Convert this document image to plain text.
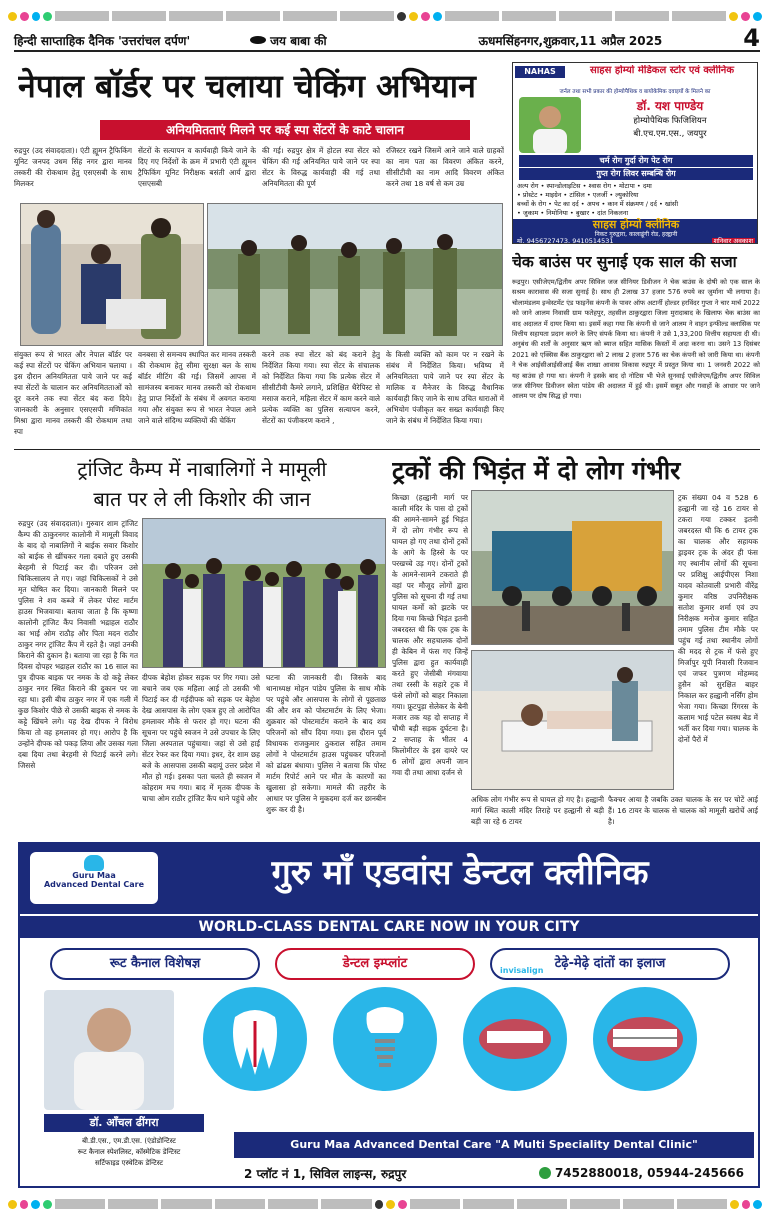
हिन्दी साप्ताहिक दैनिक 'उत्तरांचल दर्पण'	जय बाबा की	ऊधमसिंहनगर,शुक्रवार,11 अप्रैल 2025	4
नेपाल बॉर्डर पर चलाया चेकिंग अभियान
अनियमितताएं मिलने पर कई स्पा सेंटरों के काटे चालान
रुद्रपुर (उद संवाददाता)। एंटी ह्यूमन ट्रैफिकिंग यूनिट जनपद उधम सिंह नगर द्वारा मानव तस्करी की रोकथाम हेतु एसएसबी के साथ मिलकर
सेंटरों के सत्यापन व कार्यवाही किये जाने के दिए गए निर्देशों के क्रम में प्रभारी एंटी ह्यूमन ट्रैफिकिंग यूनिट निरीक्षक बसंती आर्य द्वारा एसएसबी
की गई। रुद्रपुर क्षेत्र में होटल स्पा सेंटर को चेकिंग की गई अनियमित पाये जाने पर स्पा सेंटर के विरुद्ध कार्यवाही की गई तथा अनियमितता की पूर्ण
रजिस्टर रखने जिसमें आने जाने वाले ग्राहकों का नाम पता का विवरण अंकित करने, सीसीटीवी का नाम आदि विवरण अंकित करने तथा 18 वर्ष से कम उम्र
संयुक्त रूप से भारत और नेपाल बॉर्डर पर कई स्पा सेंटरों पर चेकिंग अभियान चलाया । इस दौरान अनियमितता पाये जाने पर कई स्पा सेंटरों के चालान कर अनियमितताओं को दूर करने तक स्पा सेंटर बंद करा दिये। जानकारी के अनुसार एसएसपी मणिकांत मिश्रा द्वारा मानव तस्करी की रोकथाम तथा स्पा
वनबसा से समन्वय स्थापित कर मानव तस्करी की रोकथाम हेतु सीमा सुरक्षा बल के साथ बॉर्डर मीटिंग की गई। जिसमें आपस में सामंजस्य बनाकर मानव तस्करी को रोकथाम हेतु प्राप्त निर्देशों के संबंध में अवगत कराया गया और संयुक्त रूप से भारत नेपाल आने जाने वाले संदिग्ध व्यक्तियों की चेकिंग
करने तक स्पा सेंटर को बंद कराने हेतु निर्देशित किया गया। स्पा सेंटर के संचालक को निर्देशित किया गया कि प्रत्येक सेंटर में सीसीटीवी कैमरे लगाने, प्रशिक्षित थैरेपिस्ट से मसाज कराने, महिला सेंटर में काम करने वाले प्रत्येक व्यक्ति का पुलिस सत्यापन करने, सेंटरों का पंजीकरण कराने ,
के किसी व्यक्ति को काम पर न रखने के संबंध में निर्देशित किया। भविष्य में अनियमितता पाये जाने पर स्पा सेंटर के मालिक व मैनेजर के विरुद्ध वैधानिक कार्यवाही किए जाने के साथ उचित धाराओं में अभियोग पंजीकृत कर सख्त कार्यवाही किए जाने के संबंध में निर्देशित किया गया।
NAHAS	साहस होम्यो मेडिकल स्टोर एवं क्लीनिक
जर्नल तथा सभी प्रकार की होम्योपैथिक व बायोकेमिक दवाइयों के मिलने का
डॉ. यश पाण्डेय
होम्योपैथिक फिजिशियन
बी.एच.एम.एस., जयपुर
चर्म रोग गुर्दा रोग पेट रोग
गुप्त रोग लिवर सम्बन्धि रोग
अल्प रोग • स्पान्डोलाइटिस • श्वास रोग • मोटापा • दमा
• प्रोस्टेट • माइग्रेन • टांसिल • एलर्जी • ल्युकोरिया
बच्चों के रोग • पेट का दर्द • अपच • कान में संक्रमण / दर्द • खांसी
• जुकाम • निमोनिया • बुखार • दांत निकलना
साहस होम्यो क्लीनिक
निकट गुरुद्वारा, कालाढूंगी रोड, हल्द्वानी
मो. 9456727473, 9410514531	शनिवार अवकाश
चेक बाउंस पर सुनाई एक साल की सजा
रूद्रपुर। एसीजेएम/द्वितीय अपर सिविल जज सीनियर डिवीजन ने चेक बाउंस के दोषी को एक साल के सश्रम कारावास की सजा सुनाई है। साथ ही 2लाख 37 हजार 576 रुपये का जुर्माना भी लगाया है। चोलामंडलम इन्वेस्टमेंट एंड फाइनेंस कंपनी के पावर ऑफ अटार्नी होल्डर हरविंदर गुप्ता ने चार मार्च 2022 को जाने आलम निवासी ग्राम फतेहपुर, तहसील ठाकुरद्वारा जिला मुरादाबाद के खिलाफ चेक बाउंस का वाद अदालत में दायर किया था। इसमें कहा गया कि कंपनी से जाने आलम ने वाहन इन्फील्ड क्लासिक पर वित्तीय सहायता प्रदान करने के लिए संपर्क किया था। कंपनी ने उसे 1,33,200 वित्तीय सहायता दी थी। अनुबंध की शर्तों के अनुसार ऋण को ब्याज सहित मासिक किस्तों में अदा करना था। उसने 13 दिसंबर 2021 को एक्सिस बैंक ठाकुरद्वारा को 2 लाख 2 हजार 576 का चेक कंपनी को जारी किया था। कंपनी ने चेक आईसीआईसीआई बैंक शाखा आवास विकास रुद्रपुर में प्रस्तुत किया था। 1 जनवरी 2022 को यह बाउंस हो गया था। कंपनी ने इसके बाद दो नोटिस भी भेजे सुनवाई एसीजेएम/द्वितीय अपर सिविल जज सीनियर डिवीजन स्वेता पांडेय की अदालत में हुई थी। इसमें सबूत और गवाहों के आधार पर जाने आलम पर दोष सिद्ध हो गया।
ट्रांजिट कैम्प में नाबालिगों ने मामूली
बात पर ले ली किशोर की जान
रुद्रपुर (उद संवाददाता)। गुरुवार शाम ट्रांजिट कैम्प की ठाकुरनगर कालोनी में मामूली विवाद के बाद दो नाबालिगों ने बाईक सवार किशोर को बाईक से खींचकर गला दबाते हुए उसकी बेरहमी से पिटाई कर दी। परिजन उसे चिकित्सालय ले गए। जहां चिकित्सकों ने उसे मृत घोषित कर दिया। जानकारी मिलने पर पुलिस ने शव कब्जे में लेकर पोस्ट मार्टम हाउस भिजवाया। बताया जाता है कि कृष्णा कालोनी ट्रांजिट कैंप निवासी भद्राहल राठौर का भाई ओम राठौड़ और पिता मदन राठौर ठाकुर नगर ट्रांजिट कैंप में रहते है। जहां उनकी किराने की दुकान है। बताया जा रहा है कि गत दिवस दोपहर भद्राहल राठौर का 16 साल का पुत्र दीपक बाइक पर नमक के दो कट्टे लेकर ठाकुर नगर स्थित किराने की दुकान पर जा रहा था। इसी बीच ठाकुर नगर में एक गली में कुछ किशोर पीछे से उसकी बाइक से नमक के कट्टे खिंचने लगे। यह देख दीपक ने विरोध किया तो वह हमलावर हो गए। आरोप है कि उन्होंने दीपक को पकड़ लिया और उसका गला दबा दिया तथा बेरहमी से पिटाई करने लगे। जिससे
दीपक बेहोश होकर सड़क पर गिर गया। उसे बचाने जब एक महिला आई तो उसकी भी पिटाई कर दी गईदीपक को सड़क पर बेहोश देख आसपास के लोग एकत्र हुए तो आरोपित हमलावर मौके से फरार हो गए। घटना की सूचना पर पहुंचे स्वजन ने उसे उपचार के लिए जिला अस्पताल पहुंचाया। जहां से उसे हाई सेंटर रेफर कर दिया गया। इधर, देर शाम छह बजे के आसपास उसकी बदायूं उत्तर प्रदेश में मौत हो गई। इसका पता चलते ही स्वजन में कोहराम मच गया। बाद में मृतक दीपक के चाचा ओम राठौर ट्रांजिट कैंप थाने पहुंचे और
घटना की जानकारी दी। जिसके बाद थानाध्यक्ष मोहन पांडेय पुलिस के साथ मौके पर पहुंचे और आसपास के लोगों से पूछताछ की और शव को पोस्टमार्टम के लिए भेजा। शुक्रवार को पोस्टमार्टम कराने के बाद शव परिजनों को सौंप दिया गया। इस दौरान पूर्व विधायक राजकुमार ठुकराल सहित तमाम लोगों ने पोस्टमार्टम हाउस पहुंचकर परिजनों को ढांढस बंधाया। पुलिस ने बताया कि पोस्ट मार्टम रिपोर्ट आने पर मौत के कारणों का खुलासा हो सकेगा। मामले की तहरीर के आधार पर पुलिस ने मुकदमा दर्ज कर छानबीन शुरू कर दी है।
ट्रकों की भिड़ंत में दो लोग गंभीर
किच्छा (हल्द्वानी मार्ग पर काली मंदिर के पास दो ट्रकों की आमने-सामने हुई भिड़ंत में दो लोग गंभीर रूप से घायल हो गए तथा दोनों ट्रकों के आगे के हिस्से के पर परखच्चे उड़ गए। दोनों ट्रकों के आमने-सामने टकराते ही वहां पर मौजूद लोगों द्वारा पुलिस को सूचना दी गई तथा घायल कर्मो को झटके पर दिया गया किच्छे भिड़ंत इतनी जबरदस्त थी कि एक ट्रक के चालक और सहचालक दोनों ही केबिन में फंस गए जिन्हें पुलिस द्वारा हुत कार्यवाही करते हुए जेसीबी मंगवाया तथा रस्सी के सहारे ट्रक में फंसे लोगों को बाहर निकाला गया। फ्रूटपुड़ा सेलेकर के बेनी मजार तक यह दो सप्ताह में चौथी बड़ी सड़क दुर्घटना है। 2 सप्ताह के भीतर 4 किलोमीटर के इस दायरे पर 6 लोगों द्वारा अपनी जान गवा दी तथा आधा दर्जन से
ट्रक संख्या 04 व 528 6 हल्द्वानी जा रहे 16 टायर से टकरा गया टक्कर इतनी जबरदस्त थी कि 6 टायर ट्रक का चालक और सहायक ड्राइवर ट्रक के अंदर ही फंस गए स्थानीय लोगों की सूचना पर प्रशिक्षु आईपीएस निशा यादव कोतवाली प्रभारी वीरेंद्र कुमार वरिष्ठ उपनिरीक्षक सतोश कुमार शर्मा एवं उप निरीक्षक मनोज कुमार सहित तमाम पुलिस टीम मौके पर पहुंच गई तथा स्थानीय लोगों की मदद से ट्रक में फंसे हुए मिर्जापुर यूपी निवासी रिजवान एवं जफर पुत्रगण मोहम्मद हुसैन को सुरक्षित बाहर निकाल कर हल्द्वानी नर्सिंग होम भेजा गया। किच्छा रिंगरस के कलाम भाई पटेल स्वस्थ बेड में भर्ती कर दिया गया। चालक के दोनों पैरों में
अधिक लोग गंभीर रूप से घायल हो गए है। हल्द्वानी मार्ग स्थित काली मंदिर तिराहे पर हल्द्वानी से बड़ी बड़ी जा रहे 6 टायर
फैक्चर आया है जबकि उक्त चालक के सर पर चोटें आई हैं। 16 टायर के चालक से चालक को मामूली खरोचें आई है।
Guru Maa
Advanced Dental Care	गुरु माँ एडवांस डेन्टल क्लीनिक
WORLD-CLASS DENTAL CARE NOW IN YOUR CITY
रूट कैनाल विशेषज्ञ	डेन्टल इम्प्लांट	टेढ़े-मेढ़े दांतों का इलाज
invisalign
डॉ. आँचल ढींगरा
बी.डी.एस., एम.डी.एस. (एंडोडोन्टिस्ट
रूट कैनाल स्पेशलिस्ट, कॉस्मेटिक डेन्टिस्ट
सर्टिफाइड एस्थेटिक डेन्टिस्ट
Guru Maa Advanced Dental Care "A Multi Speciality Dental Clinic"
2 प्लॉट नं 1, सिविल लाइन्स, रुद्रपुर	7452880018, 05944-245666
